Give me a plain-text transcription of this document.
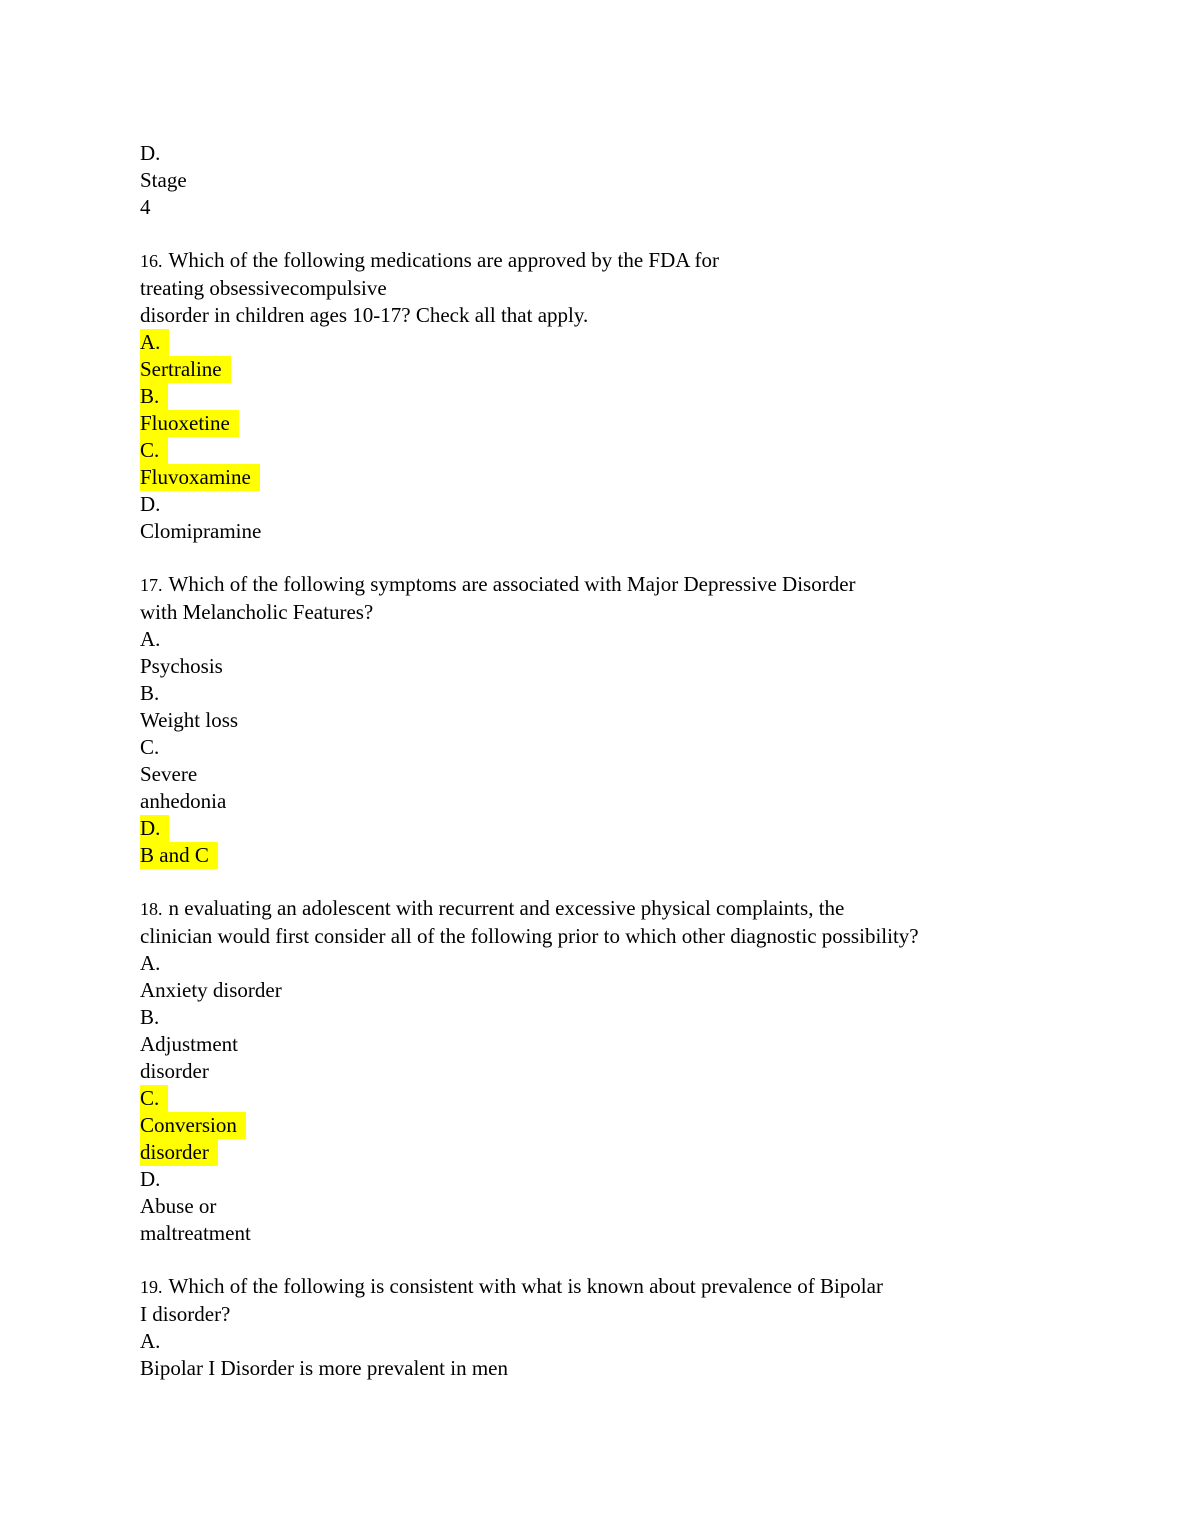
D.
Stage
4
16. Which of the following medications are approved by the FDA for
treating obsessivecompulsive
disorder in children ages 10-17? Check all that apply.
A.
Sertraline
B.
Fluoxetine
C.
Fluvoxamine
D.
Clomipramine
17. Which of the following symptoms are associated with Major Depressive Disorder
with Melancholic Features?
A.
Psychosis
B.
Weight loss
C.
Severe
anhedonia
D.
B and C
18. n evaluating an adolescent with recurrent and excessive physical complaints, the
clinician would first consider all of the following prior to which other diagnostic possibility?
A.
Anxiety disorder
B.
Adjustment
disorder
C.
Conversion
disorder
D.
Abuse or
maltreatment
19. Which of the following is consistent with what is known about prevalence of Bipolar
I disorder?
A.
Bipolar I Disorder is more prevalent in men
